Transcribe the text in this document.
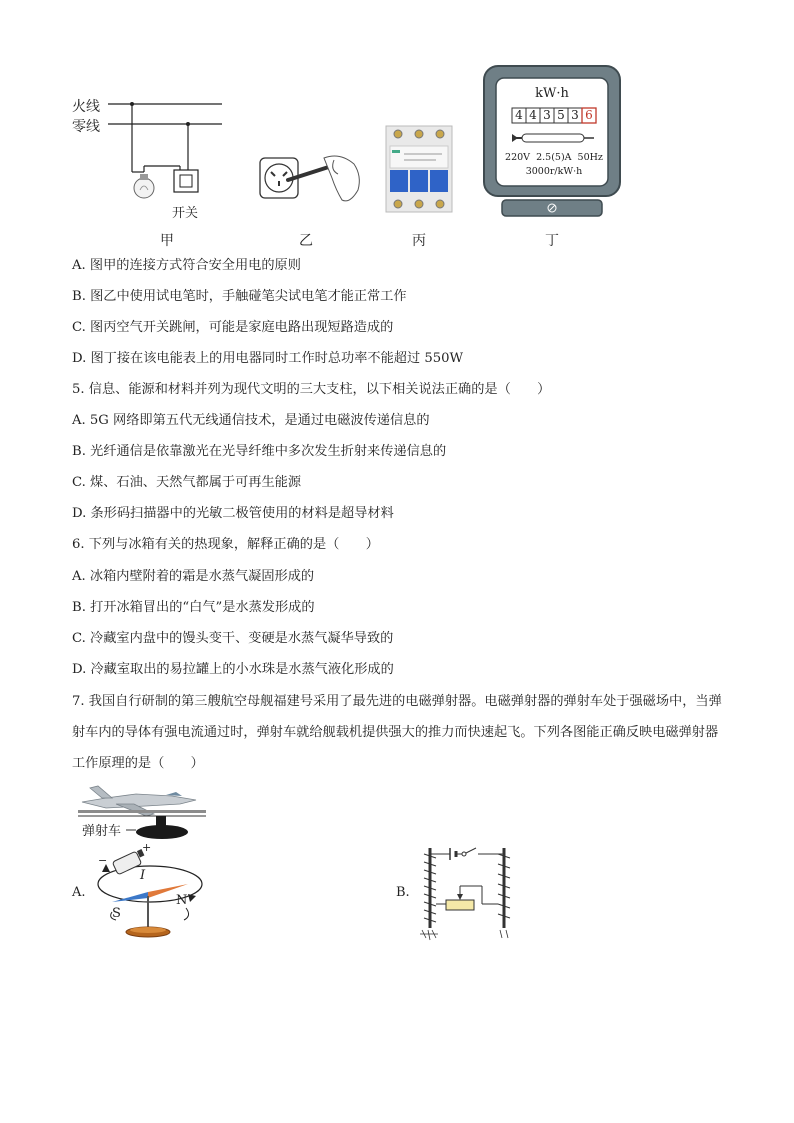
火线
零线
开关
甲	乙	丙
kW·h
4 4 3 5 3 6
220V  2.5(5)A  50Hz
3000r/kW·h
丁
A. 图甲的连接方式符合安全用电的原则
B. 图乙中使用试电笔时，手触碰笔尖试电笔才能正常工作
C. 图丙空气开关跳闸，可能是家庭电路出现短路造成的
D. 图丁接在该电能表上的用电器同时工作时总功率不能超过 550W
5. 信息、能源和材料并列为现代文明的三大支柱，以下相关说法正确的是（　　）
A. 5G 网络即第五代无线通信技术，是通过电磁波传递信息的
B. 光纤通信是依靠激光在光导纤维中多次发生折射来传递信息的
C. 煤、石油、天然气都属于可再生能源
D. 条形码扫描器中的光敏二极管使用的材料是超导材料
6. 下列与冰箱有关的热现象，解释正确的是（　　）
A. 冰箱内壁附着的霜是水蒸气凝固形成的
B. 打开冰箱冒出的“白气”是水蒸发形成的
C. 冷藏室内盘中的馒头变干、变硬是水蒸气凝华导致的
D. 冷藏室取出的易拉罐上的小水珠是水蒸气液化形成的
7. 我国自行研制的第三艘航空母舰福建号采用了最先进的电磁弹射器。电磁弹射器的弹射车处于强磁场中，当弹射车内的导体有强电流通过时，弹射车就给舰载机提供强大的推力而快速起飞。下列各图能正确反映电磁弹射器工作原理的是（　　）
弹射车
A.
I
+
−
S
N
B.
